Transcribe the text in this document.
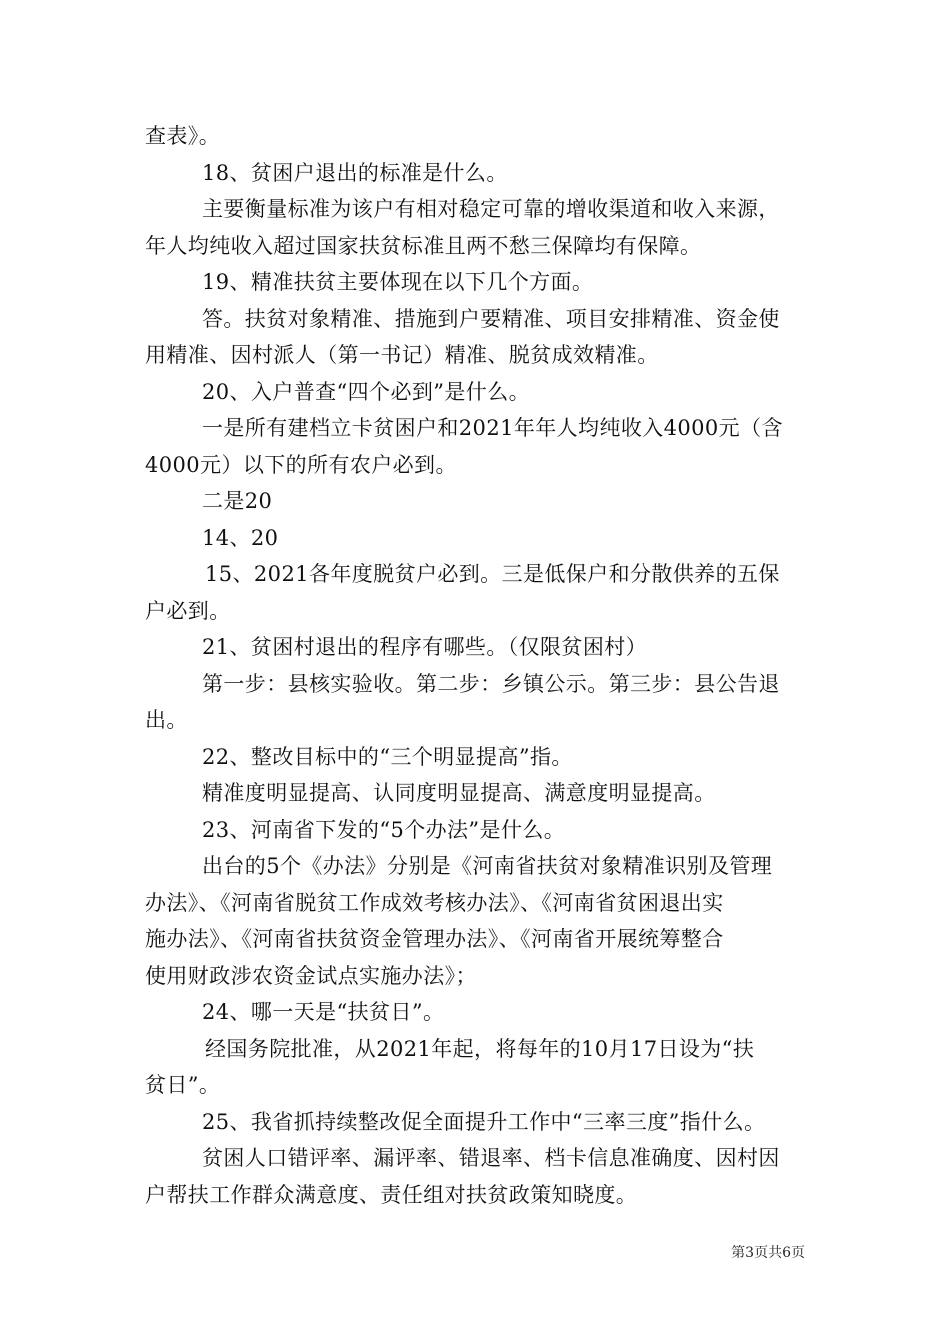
查表》。
18、贫困户退出的标准是什么。
主要衡量标准为该户有相对稳定可靠的增收渠道和收入来源，
年人均纯收入超过国家扶贫标准且两不愁三保障均有保障。
19、精准扶贫主要体现在以下几个方面。
答。扶贫对象精准、措施到户要精准、项目安排精准、资金使
用精准、因村派人（第一书记）精准、脱贫成效精准。
20、入户普查“四个必到”是什么。
一是所有建档立卡贫困户和2021年年人均纯收入4000元（含
4000元）以下的所有农户必到。
二是20
14、20
15、2021各年度脱贫户必到。三是低保户和分散供养的五保
户必到。
21、贫困村退出的程序有哪些。（仅限贫困村）
第一步：县核实验收。第二步：乡镇公示。第三步：县公告退
出。
22、整改目标中的“三个明显提高”指。
精准度明显提高、认同度明显提高、满意度明显提高。
23、河南省下发的“5个办法”是什么。
出台的5个《办法》分别是《河南省扶贫对象精准识别及管理
办法》、《河南省脱贫工作成效考核办法》、《河南省贫困退出实
施办法》、《河南省扶贫资金管理办法》、《河南省开展统筹整合
使用财政涉农资金试点实施办法》；
24、哪一天是“扶贫日”。
经国务院批准，从2021年起，将每年的10月17日设为“扶
贫日”。
25、我省抓持续整改促全面提升工作中“三率三度”指什么。
贫困人口错评率、漏评率、错退率、档卡信息准确度、因村因
户帮扶工作群众满意度、责任组对扶贫政策知晓度。
第3页共6页
